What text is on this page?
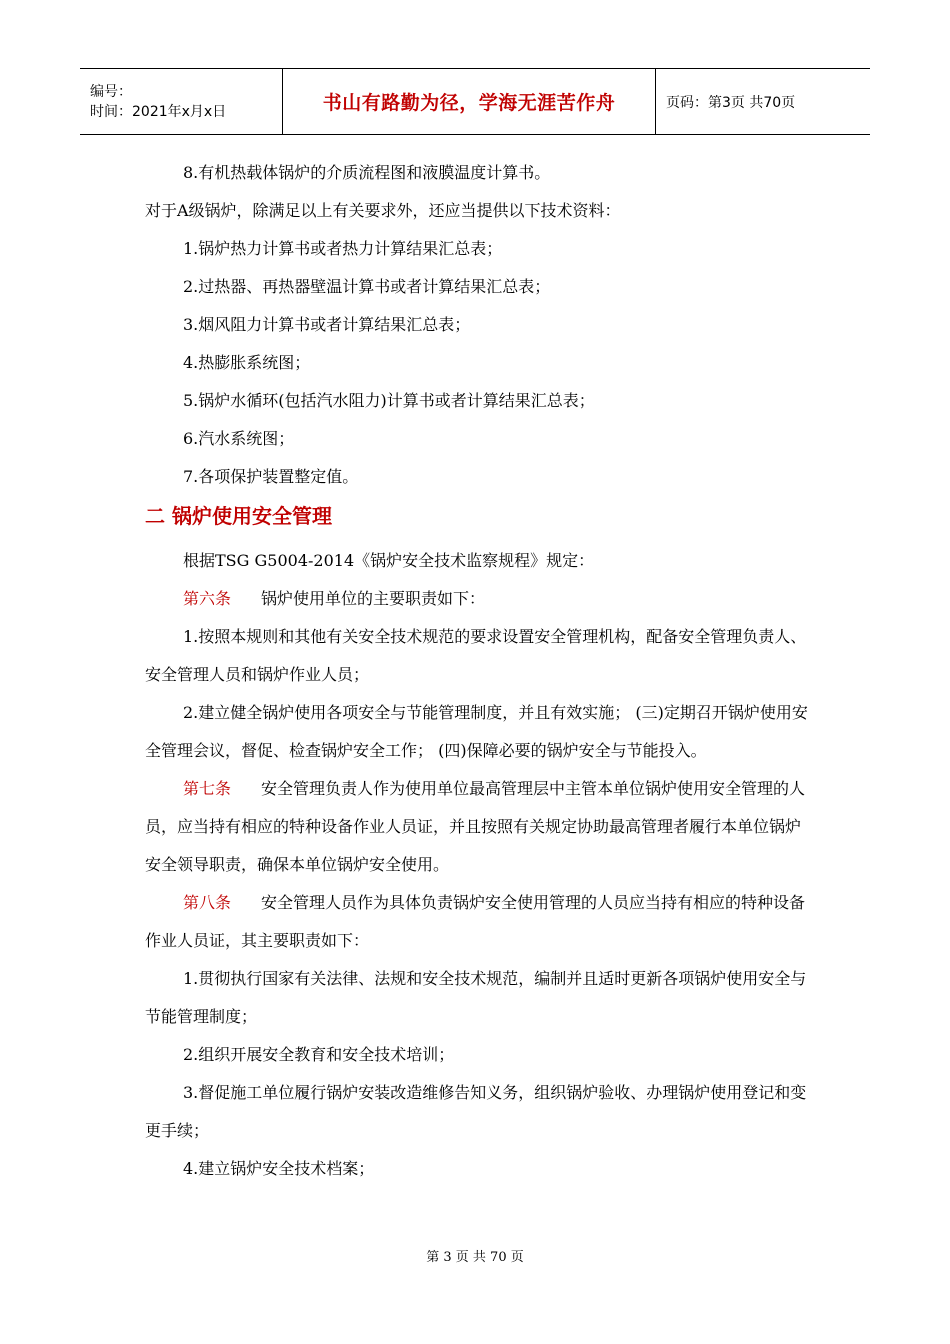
编号：
时间：2021年x月x日	书山有路勤为径，学海无涯苦作舟	页码：第3页 共70页

8.有机热载体锅炉的介质流程图和液膜温度计算书。

对于A级锅炉，除满足以上有关要求外，还应当提供以下技术资料：

1.锅炉热力计算书或者热力计算结果汇总表；

2.过热器、再热器壁温计算书或者计算结果汇总表；

3.烟风阻力计算书或者计算结果汇总表；

4.热膨胀系统图；

5.锅炉水循环(包括汽水阻力)计算书或者计算结果汇总表；

6.汽水系统图；

7.各项保护装置整定值。

二 锅炉使用安全管理

根据TSG G5004-2014《锅炉安全技术监察规程》规定：

第六条 锅炉使用单位的主要职责如下：

1.按照本规则和其他有关安全技术规范的要求设置安全管理机构，配备安全管理负责人、安全管理人员和锅炉作业人员；

2.建立健全锅炉使用各项安全与节能管理制度，并且有效实施； (三)定期召开锅炉使用安全管理会议，督促、检查锅炉安全工作； (四)保障必要的锅炉安全与节能投入。

第七条 安全管理负责人作为使用单位最高管理层中主管本单位锅炉使用安全管理的人员，应当持有相应的特种设备作业人员证，并且按照有关规定协助最高管理者履行本单位锅炉安全领导职责，确保本单位锅炉安全使用。

第八条 安全管理人员作为具体负责锅炉安全使用管理的人员应当持有相应的特种设备作业人员证，其主要职责如下：

1.贯彻执行国家有关法律、法规和安全技术规范，编制并且适时更新各项锅炉使用安全与节能管理制度；

2.组织开展安全教育和安全技术培训；

3.督促施工单位履行锅炉安装改造维修告知义务，组织锅炉验收、办理锅炉使用登记和变更手续；

4.建立锅炉安全技术档案；

第 3 页 共 70 页
